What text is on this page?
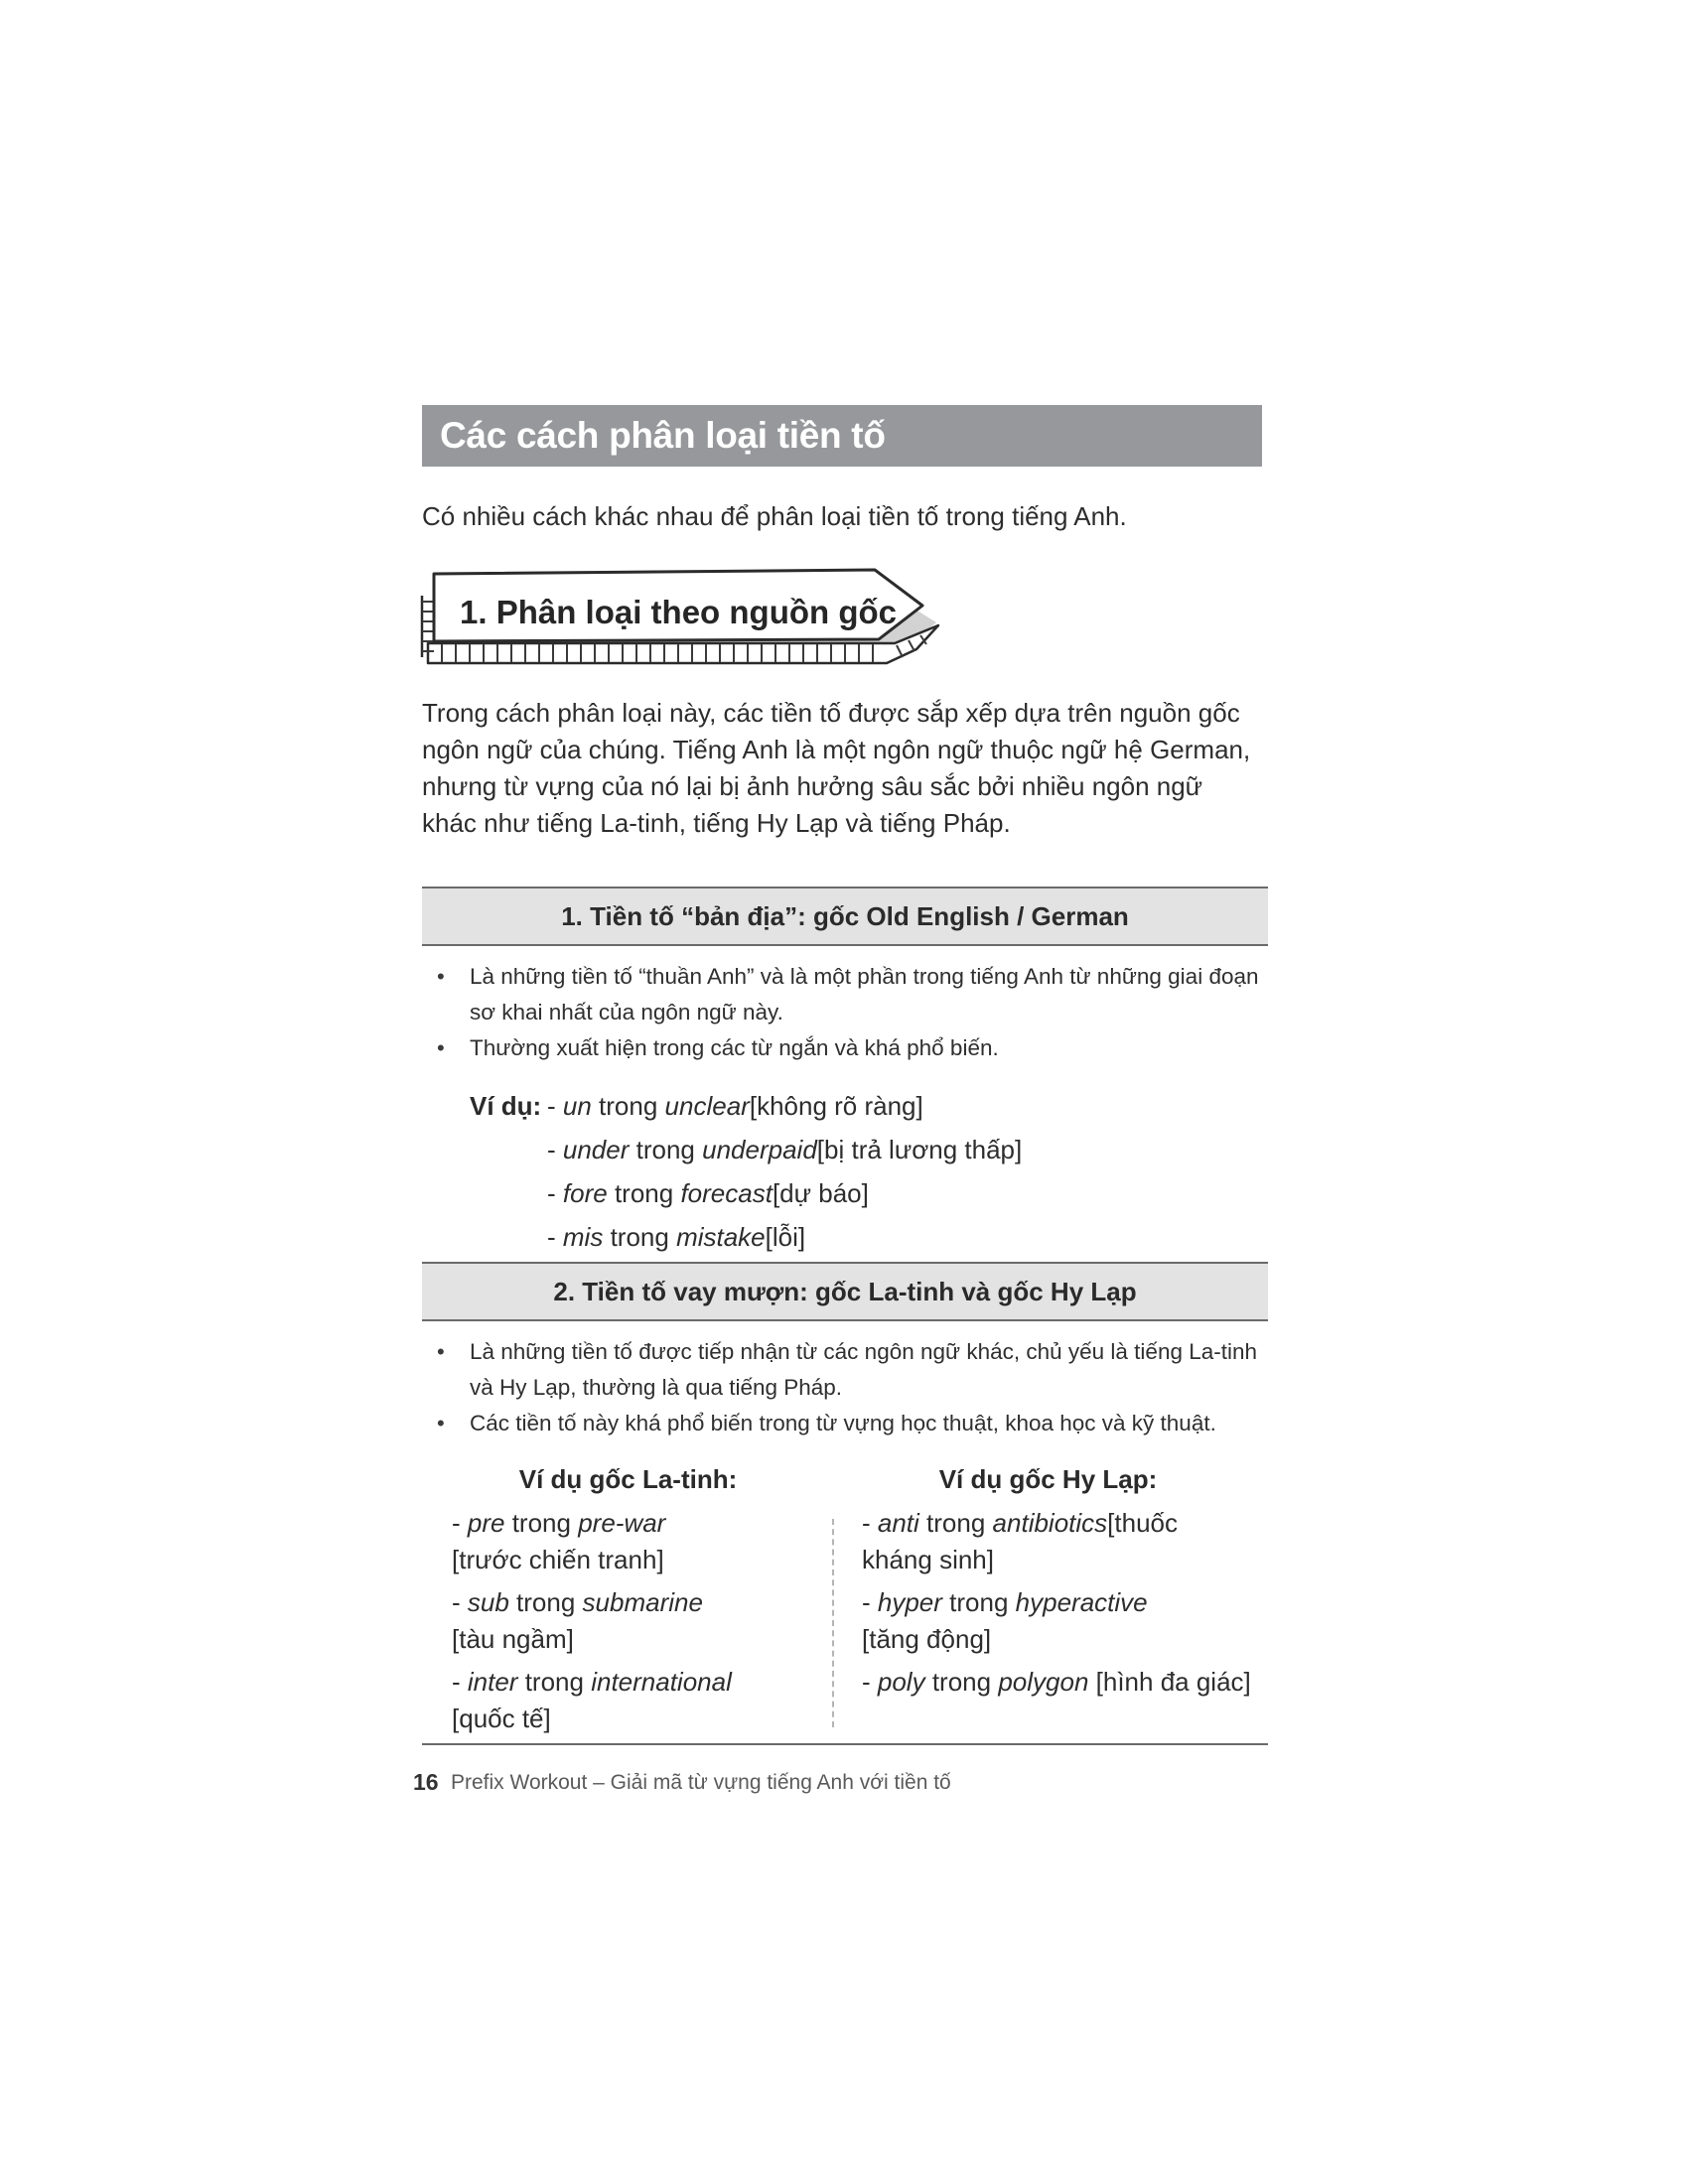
Các cách phân loại tiền tố
Có nhiều cách khác nhau để phân loại tiền tố trong tiếng Anh.
1. Phân loại theo nguồn gốc
Trong cách phân loại này, các tiền tố được sắp xếp dựa trên nguồn gốc ngôn ngữ của chúng. Tiếng Anh là một ngôn ngữ thuộc ngữ hệ German, nhưng từ vựng của nó lại bị ảnh hưởng sâu sắc bởi nhiều ngôn ngữ khác như tiếng La-tinh, tiếng Hy Lạp và tiếng Pháp.
1. Tiền tố “bản địa”: gốc Old English / German
• Là những tiền tố “thuần Anh” và là một phần trong tiếng Anh từ những giai đoạn sơ khai nhất của ngôn ngữ này.
• Thường xuất hiện trong các từ ngắn và khá phổ biến.
Ví dụ: - un trong unclear[không rõ ràng]
- under trong underpaid[bị trả lương thấp]
- fore trong forecast[dự báo]
- mis trong mistake[lỗi]
2. Tiền tố vay mượn: gốc La-tinh và gốc Hy Lạp
• Là những tiền tố được tiếp nhận từ các ngôn ngữ khác, chủ yếu là tiếng La-tinh và Hy Lạp, thường là qua tiếng Pháp.
• Các tiền tố này khá phổ biến trong từ vựng học thuật, khoa học và kỹ thuật.
Ví dụ gốc La-tinh:
- pre trong pre-war
[trước chiến tranh]
- sub trong submarine
[tàu ngầm]
- inter trong international
[quốc tế]
Ví dụ gốc Hy Lạp:
- anti trong antibiotics[thuốc kháng sinh]
- hyper trong hyperactive
[tăng động]
- poly trong polygon [hình đa giác]
16 Prefix Workout – Giải mã từ vựng tiếng Anh với tiền tố
